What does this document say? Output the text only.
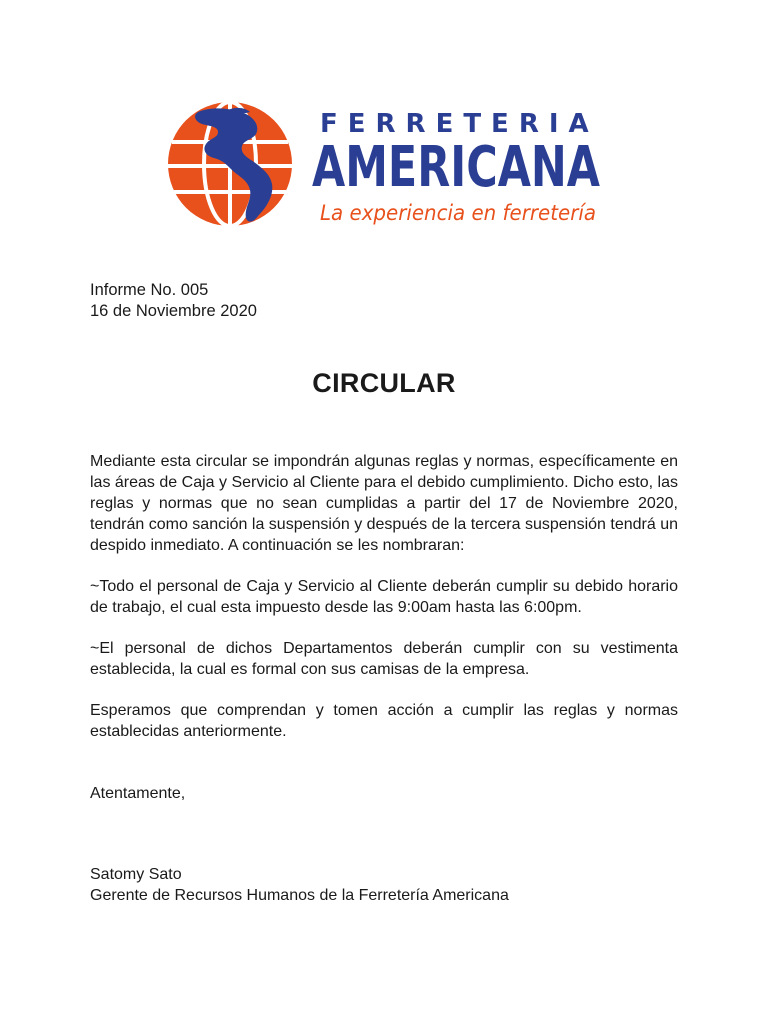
FERRETERIA
AMERICANA
La experiencia en ferretería
Informe No. 005
16 de Noviembre 2020
CIRCULAR

Mediante esta circular se impondrán algunas reglas y normas, específicamente en las áreas de Caja y Servicio al Cliente para el debido cumplimiento. Dicho esto, las reglas y normas que no sean cumplidas a partir del 17 de Noviembre 2020, tendrán como sanción la suspensión y después de la tercera suspensión tendrá un despido inmediato. A continuación se les nombraran:

~Todo el personal de Caja y Servicio al Cliente deberán cumplir su debido horario de trabajo, el cual esta impuesto desde las 9:00am hasta las 6:00pm.

~El personal de dichos Departamentos deberán cumplir con su vestimenta establecida, la cual es formal con sus camisas de la empresa.

Esperamos que comprendan y tomen acción a cumplir las reglas y normas establecidas anteriormente.

Atentamente,
Satomy Sato
Gerente de Recursos Humanos de la Ferretería Americana
